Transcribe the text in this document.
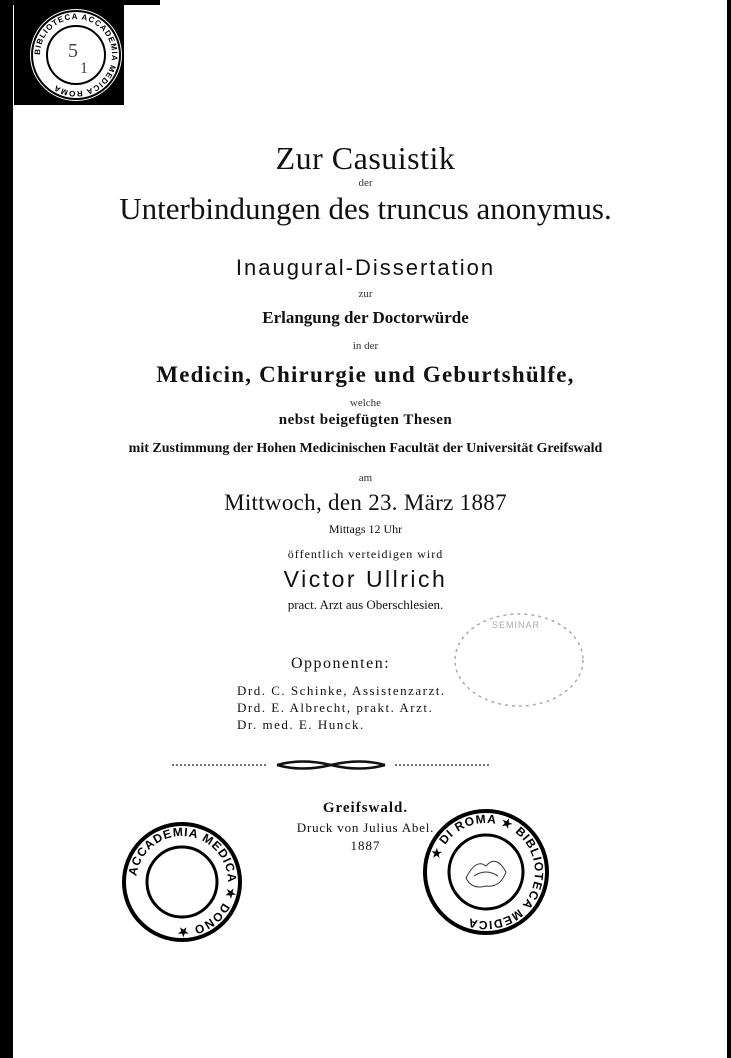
BIBLIOTECA ACCADEMIA MEDICA ROMA
5
1
Zur Casuistik
der
Unterbindungen des truncus anonymus.
Inaugural-Dissertation
zur
Erlangung der Doctorwürde
in der
Medicin, Chirurgie und Geburtshülfe,
welche
nebst beigefügten Thesen
mit Zustimmung der Hohen Medicinischen Facultät der Universität Greifswald
am
Mittwoch, den 23. März 1887
Mittags 12 Uhr
öffentlich verteidigen wird
Victor Ullrich
pract. Arzt aus Oberschlesien.
SEMINAR
Opponenten:
Drd. C. Schinke, Assistenzarzt.
Drd. E. Albrecht, prakt. Arzt.
Dr. med. E. Hunck.
Greifswald.
Druck von Julius Abel.
1887
ACCADEMIA MEDICA ★ DONO ★
★ DI ROMA ★ BIBLIOTECA MEDICA
